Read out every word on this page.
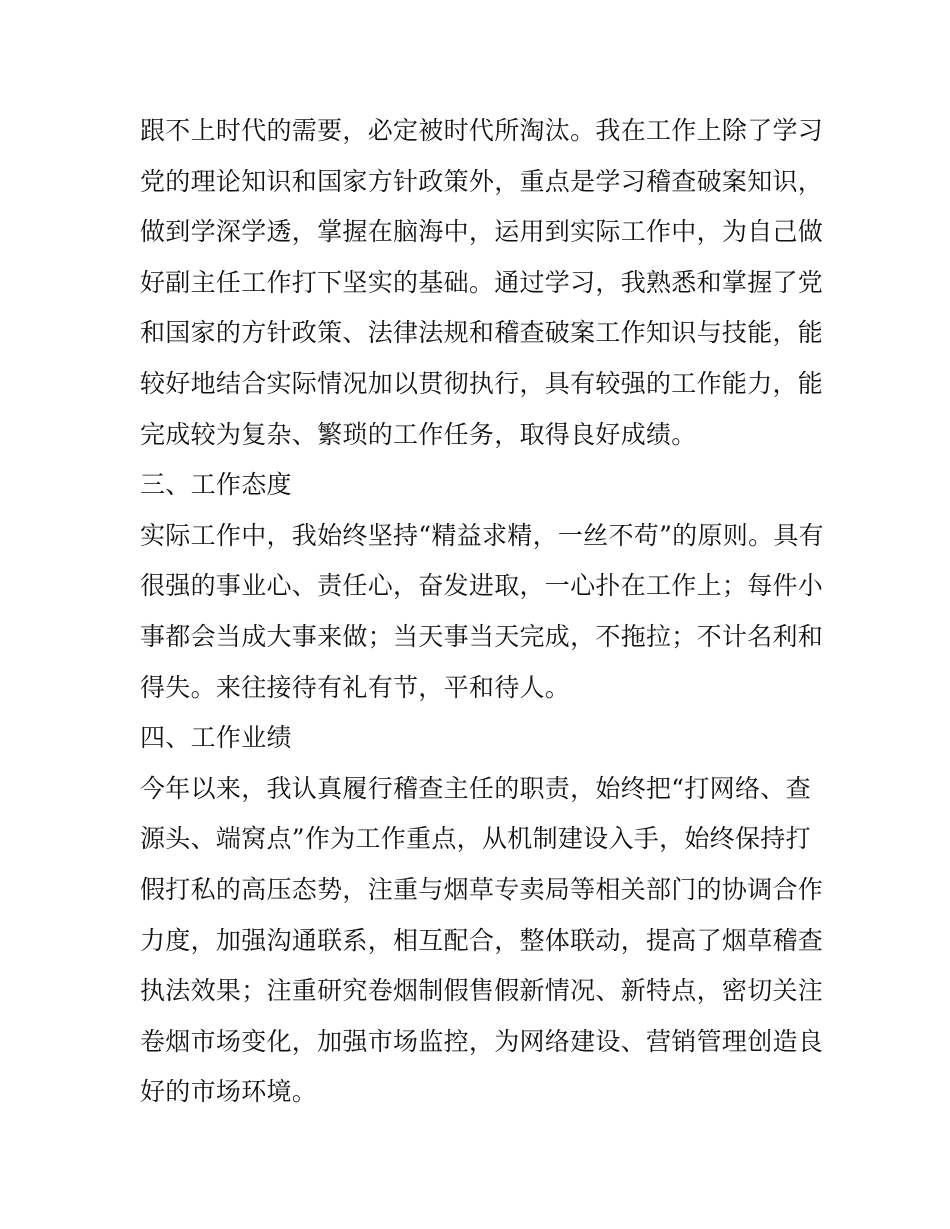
跟不上时代的需要，必定被时代所淘汰。我在工作上除了学习
党的理论知识和国家方针政策外，重点是学习稽查破案知识，
做到学深学透，掌握在脑海中，运用到实际工作中，为自己做
好副主任工作打下坚实的基础。通过学习，我熟悉和掌握了党
和国家的方针政策、法律法规和稽查破案工作知识与技能，能
较好地结合实际情况加以贯彻执行，具有较强的工作能力，能
完成较为复杂、繁琐的工作任务，取得良好成绩。
三、工作态度
实际工作中，我始终坚持“精益求精，一丝不苟”的原则。具有
很强的事业心、责任心，奋发进取，一心扑在工作上；每件小
事都会当成大事来做；当天事当天完成，不拖拉；不计名利和
得失。来往接待有礼有节，平和待人。
四、工作业绩
今年以来，我认真履行稽查主任的职责，始终把“打网络、查
源头、端窝点”作为工作重点，从机制建设入手，始终保持打
假打私的高压态势，注重与烟草专卖局等相关部门的协调合作
力度，加强沟通联系，相互配合，整体联动，提高了烟草稽查
执法效果；注重研究卷烟制假售假新情况、新特点，密切关注
卷烟市场变化，加强市场监控，为网络建设、营销管理创造良
好的市场环境。
